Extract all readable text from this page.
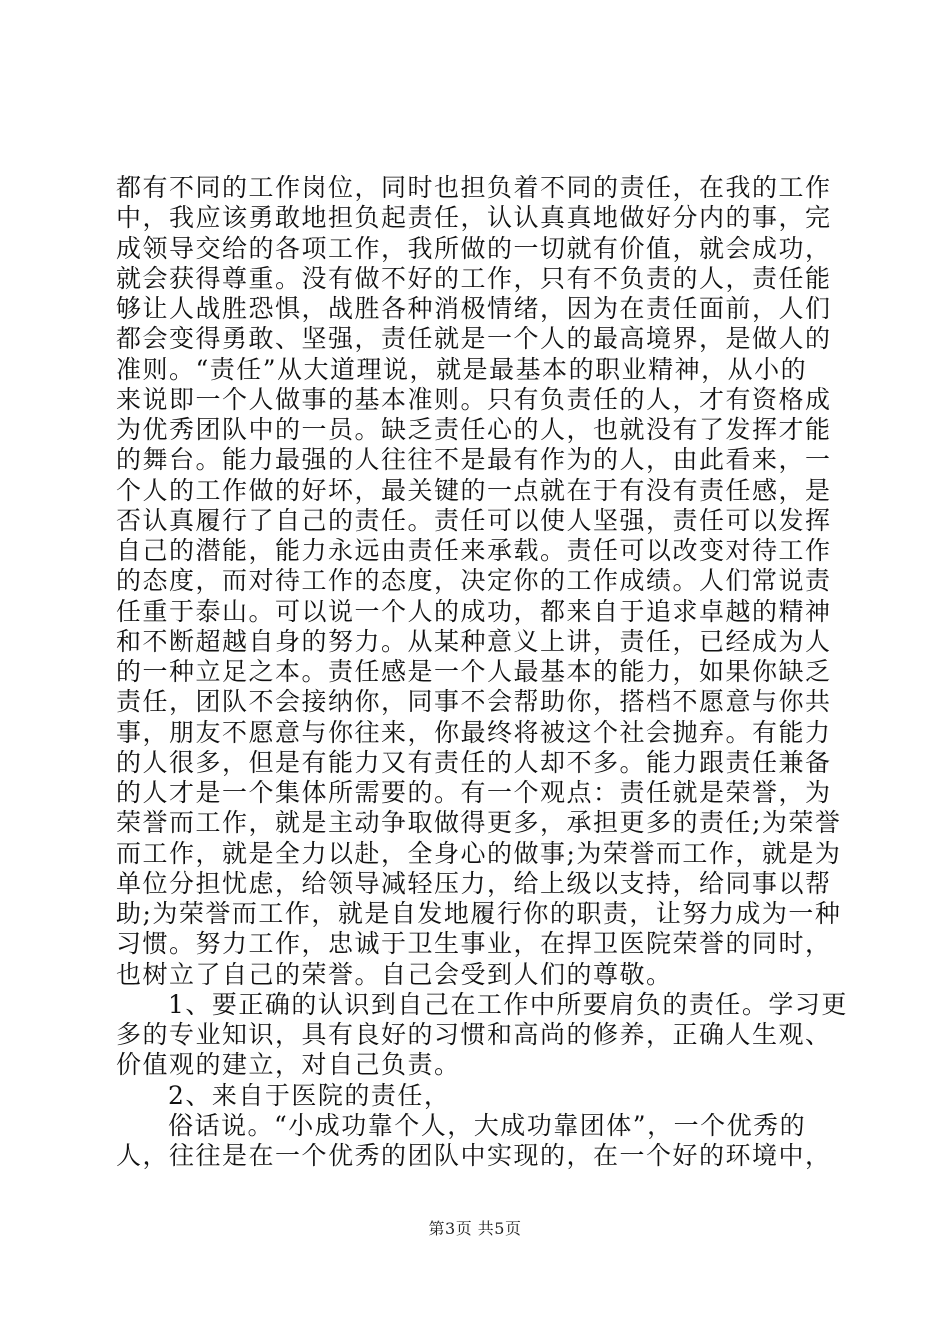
都有不同的工作岗位，同时也担负着不同的责任，在我的工作
中，我应该勇敢地担负起责任，认认真真地做好分内的事，完
成领导交给的各项工作，我所做的一切就有价值，就会成功，
就会获得尊重。没有做不好的工作，只有不负责的人，责任能
够让人战胜恐惧，战胜各种消极情绪，因为在责任面前，人们
都会变得勇敢、坚强，责任就是一个人的最高境界，是做人的
准则。“责任”从大道理说，就是最基本的职业精神，从小的
来说即一个人做事的基本准则。只有负责任的人，才有资格成
为优秀团队中的一员。缺乏责任心的人，也就没有了发挥才能
的舞台。能力最强的人往往不是最有作为的人，由此看来，一
个人的工作做的好坏，最关键的一点就在于有没有责任感，是
否认真履行了自己的责任。责任可以使人坚强，责任可以发挥
自己的潜能，能力永远由责任来承载。责任可以改变对待工作
的态度，而对待工作的态度，决定你的工作成绩。人们常说责
任重于泰山。可以说一个人的成功，都来自于追求卓越的精神
和不断超越自身的努力。从某种意义上讲，责任，已经成为人
的一种立足之本。责任感是一个人最基本的能力，如果你缺乏
责任，团队不会接纳你，同事不会帮助你，搭档不愿意与你共
事，朋友不愿意与你往来，你最终将被这个社会抛弃。有能力
的人很多，但是有能力又有责任的人却不多。能力跟责任兼备
的人才是一个集体所需要的。有一个观点：责任就是荣誉，为
荣誉而工作，就是主动争取做得更多，承担更多的责任;为荣誉
而工作，就是全力以赴，全身心的做事;为荣誉而工作，就是为
单位分担忧虑，给领导减轻压力，给上级以支持，给同事以帮
助;为荣誉而工作，就是自发地履行你的职责，让努力成为一种
习惯。努力工作，忠诚于卫生事业，在捍卫医院荣誉的同时，
也树立了自己的荣誉。自己会受到人们的尊敬。
1、要正确的认识到自己在工作中所要肩负的责任。学习更
多的专业知识，具有良好的习惯和高尚的修养，正确人生观、
价值观的建立，对自己负责。
2、来自于医院的责任，
俗话说。“小成功靠个人，大成功靠团体”，一个优秀的
人，往往是在一个优秀的团队中实现的，在一个好的环境中，
第3页 共5页
